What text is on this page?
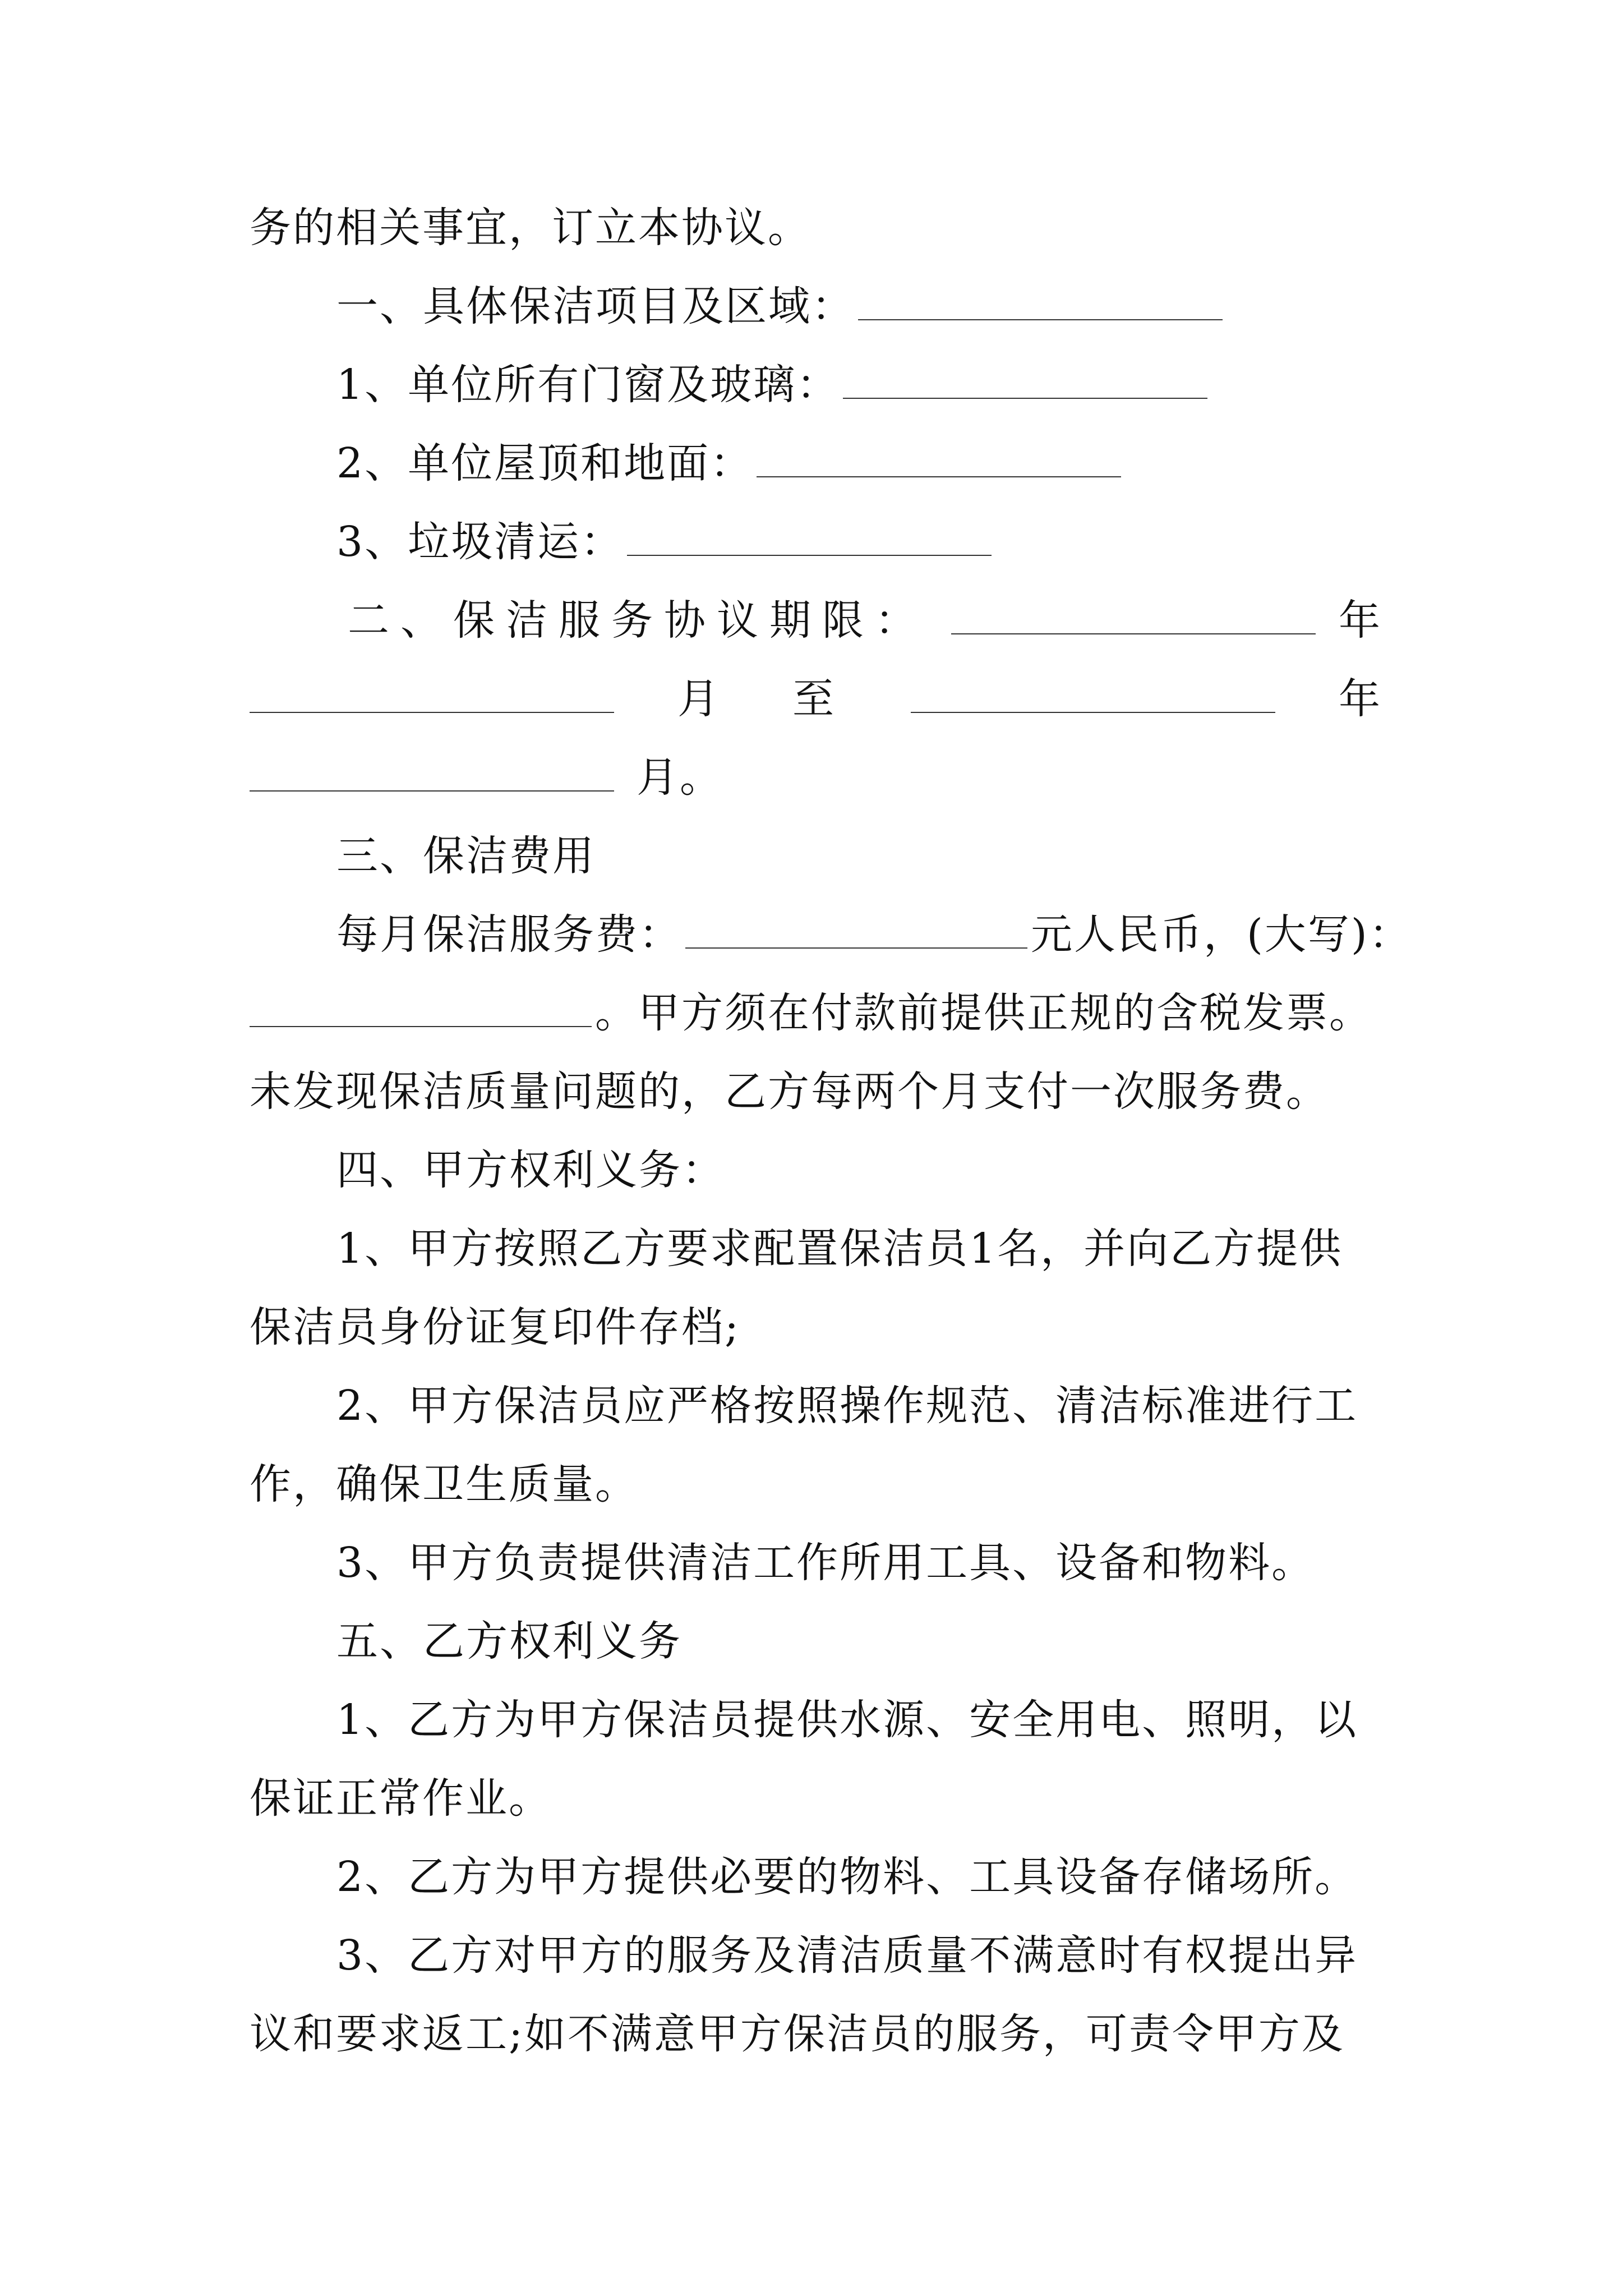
务的相关事宜，订立本协议。
一、具体保洁项目及区域：
1、单位所有门窗及玻璃：
2、单位屋顶和地面：
3、垃圾清运：
二、保洁服务协议期限：	年
月 至	年
月。
三、保洁费用
每月保洁服务费：	元人民币，(大写)：
。甲方须在付款前提供正规的含税发票。
未发现保洁质量问题的，乙方每两个月支付一次服务费。
四、甲方权利义务：
1、甲方按照乙方要求配置保洁员1名，并向乙方提供
保洁员身份证复印件存档;
2、甲方保洁员应严格按照操作规范、清洁标准进行工
作，确保卫生质量。
3、甲方负责提供清洁工作所用工具、设备和物料。
五、乙方权利义务
1、乙方为甲方保洁员提供水源、安全用电、照明，以
保证正常作业。
2、乙方为甲方提供必要的物料、工具设备存储场所。
3、乙方对甲方的服务及清洁质量不满意时有权提出异
议和要求返工;如不满意甲方保洁员的服务，可责令甲方及
